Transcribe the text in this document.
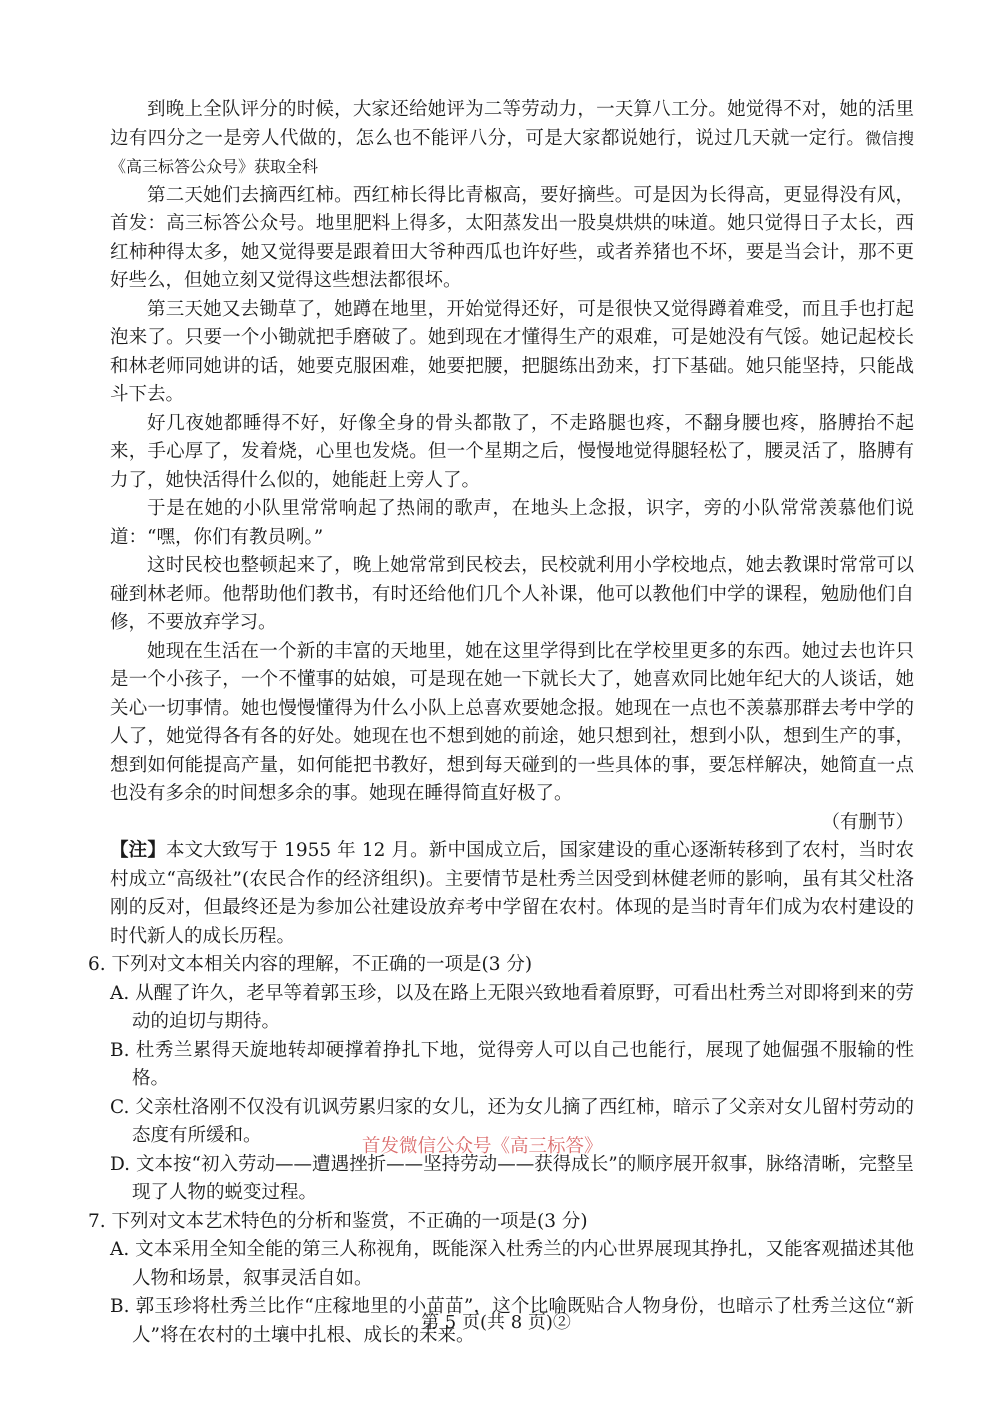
到晚上全队评分的时候，大家还给她评为二等劳动力，一天算八工分。她觉得不对，她的活里边有四分之一是旁人代做的，怎么也不能评八分，可是大家都说她行，说过几天就一定行。微信搜《高三标答公众号》获取全科

第二天她们去摘西红柿。西红柿长得比青椒高，要好摘些。可是因为长得高，更显得没有风，首发：高三标答公众号。地里肥料上得多，太阳蒸发出一股臭烘烘的味道。她只觉得日子太长，西红柿种得太多，她又觉得要是跟着田大爷种西瓜也许好些，或者养猪也不坏，要是当会计，那不更好些么，但她立刻又觉得这些想法都很坏。

第三天她又去锄草了，她蹲在地里，开始觉得还好，可是很快又觉得蹲着难受，而且手也打起泡来了。只要一个小锄就把手磨破了。她到现在才懂得生产的艰难，可是她没有气馁。她记起校长和林老师同她讲的话，她要克服困难，她要把腰，把腿练出劲来，打下基础。她只能坚持，只能战斗下去。

好几夜她都睡得不好，好像全身的骨头都散了，不走路腿也疼，不翻身腰也疼，胳膊抬不起来，手心厚了，发着烧，心里也发烧。但一个星期之后，慢慢地觉得腿轻松了，腰灵活了，胳膊有力了，她快活得什么似的，她能赶上旁人了。

于是在她的小队里常常响起了热闹的歌声，在地头上念报，识字，旁的小队常常羡慕他们说道：“嘿，你们有教员咧。”

这时民校也整顿起来了，晚上她常常到民校去，民校就利用小学校地点，她去教课时常常可以碰到林老师。他帮助他们教书，有时还给他们几个人补课，他可以教他们中学的课程，勉励他们自修，不要放弃学习。

她现在生活在一个新的丰富的天地里，她在这里学得到比在学校里更多的东西。她过去也许只是一个小孩子，一个不懂事的姑娘，可是现在她一下就长大了，她喜欢同比她年纪大的人谈话，她关心一切事情。她也慢慢懂得为什么小队上总喜欢要她念报。她现在一点也不羡慕那群去考中学的人了，她觉得各有各的好处。她现在也不想到她的前途，她只想到社，想到小队，想到生产的事，想到如何能提高产量，如何能把书教好，想到每天碰到的一些具体的事，要怎样解决，她简直一点也没有多余的时间想多余的事。她现在睡得简直好极了。

（有删节）

【注】本文大致写于 1955 年 12 月。新中国成立后，国家建设的重心逐渐转移到了农村，当时农村成立“高级社”(农民合作的经济组织)。主要情节是杜秀兰因受到林健老师的影响，虽有其父杜洛刚的反对，但最终还是为参加公社建设放弃考中学留在农村。体现的是当时青年们成为农村建设的时代新人的成长历程。

6. 下列对文本相关内容的理解，不正确的一项是(3 分)

A. 从醒了许久，老早等着郭玉珍，以及在路上无限兴致地看着原野，可看出杜秀兰对即将到来的劳动的迫切与期待。

B. 杜秀兰累得天旋地转却硬撑着挣扎下地，觉得旁人可以自己也能行，展现了她倔强不服输的性格。

C. 父亲杜洛刚不仅没有讥讽劳累归家的女儿，还为女儿摘了西红柿，暗示了父亲对女儿留村劳动的态度有所缓和。

D. 文本按“初入劳动——遭遇挫折——坚持劳动——获得成长”的顺序展开叙事，脉络清晰，完整呈现了人物的蜕变过程。

7. 下列对文本艺术特色的分析和鉴赏，不正确的一项是(3 分)

A. 文本采用全知全能的第三人称视角，既能深入杜秀兰的内心世界展现其挣扎，又能客观描述其他人物和场景，叙事灵活自如。

B. 郭玉珍将杜秀兰比作“庄稼地里的小苗苗”，这个比喻既贴合人物身份，也暗示了杜秀兰这位“新人”将在农村的土壤中扎根、成长的未来。

首发微信公众号《高三标答》
第 5 页(共 8 页)②
